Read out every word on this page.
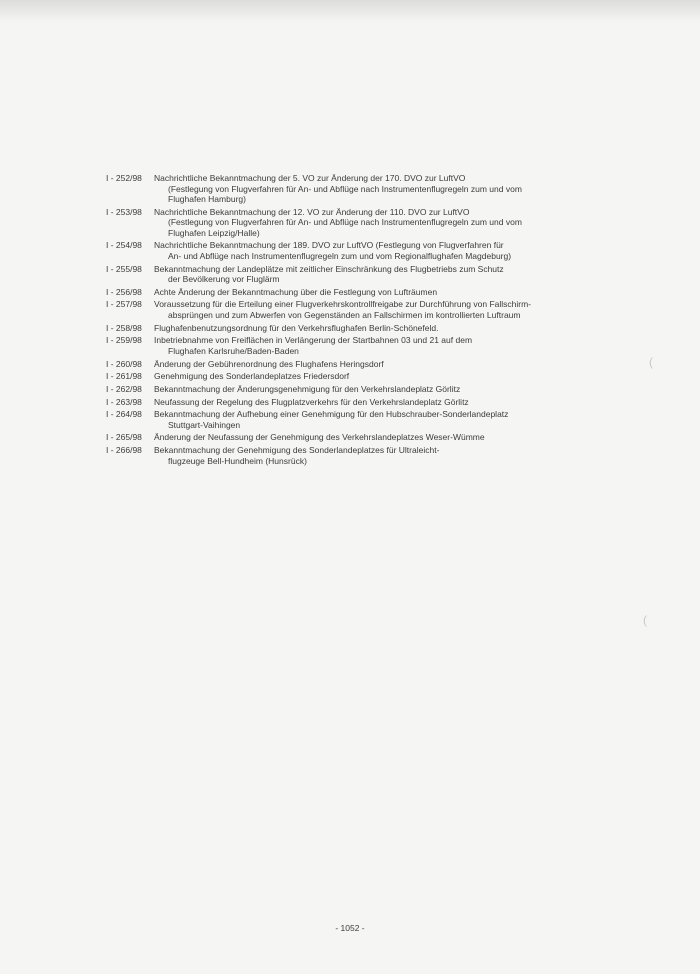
(
(
I - 252/98	Nachrichtliche Bekanntmachung der 5. VO zur Änderung der 170. DVO zur LuftVO
(Festlegung von Flugverfahren für An- und Abflüge nach Instrumentenflugregeln zum und vom
Flughafen Hamburg)
I - 253/98	Nachrichtliche Bekanntmachung der 12. VO zur Änderung der 110. DVO zur LuftVO
(Festlegung von Flugverfahren für An- und Abflüge nach Instrumentenflugregeln zum und vom
Flughafen Leipzig/Halle)
I - 254/98	Nachrichtliche Bekanntmachung der 189. DVO zur LuftVO (Festlegung von Flugverfahren für
An- und Abflüge nach Instrumentenflugregeln zum und vom Regionalflughafen Magdeburg)
I - 255/98	Bekanntmachung der Landeplätze mit zeitlicher Einschränkung des Flugbetriebs zum Schutz
der Bevölkerung vor Fluglärm
I - 256/98	Achte Änderung der Bekanntmachung über die Festlegung von Lufträumen
I - 257/98	Voraussetzung für die Erteilung einer Flugverkehrskontrollfreigabe zur Durchführung von Fallschirm-
absprüngen und zum Abwerfen von Gegenständen an Fallschirmen im kontrollierten Luftraum
I - 258/98	Flughafenbenutzungsordnung für den Verkehrsflughafen Berlin-Schönefeld.
I - 259/98	Inbetriebnahme von Freiflächen in Verlängerung der Startbahnen 03 und 21 auf dem
Flughafen Karlsruhe/Baden-Baden
I - 260/98	Änderung der Gebührenordnung des Flughafens Heringsdorf
I - 261/98	Genehmigung des Sonderlandeplatzes Friedersdorf
I - 262/98	Bekanntmachung der Änderungsgenehmigung für den Verkehrslandeplatz Görlitz
I - 263/98	Neufassung der Regelung des Flugplatzverkehrs für den Verkehrslandeplatz Görlitz
I - 264/98	Bekanntmachung der Aufhebung einer Genehmigung für den Hubschrauber-Sonderlandeplatz
Stuttgart-Vaihingen
I - 265/98	Änderung der Neufassung der Genehmigung des Verkehrslandeplatzes Weser-Wümme
I - 266/98	Bekanntmachung der Genehmigung des Sonderlandeplatzes für Ultraleicht-
flugzeuge Bell-Hundheim (Hunsrück)
- 1052 -
